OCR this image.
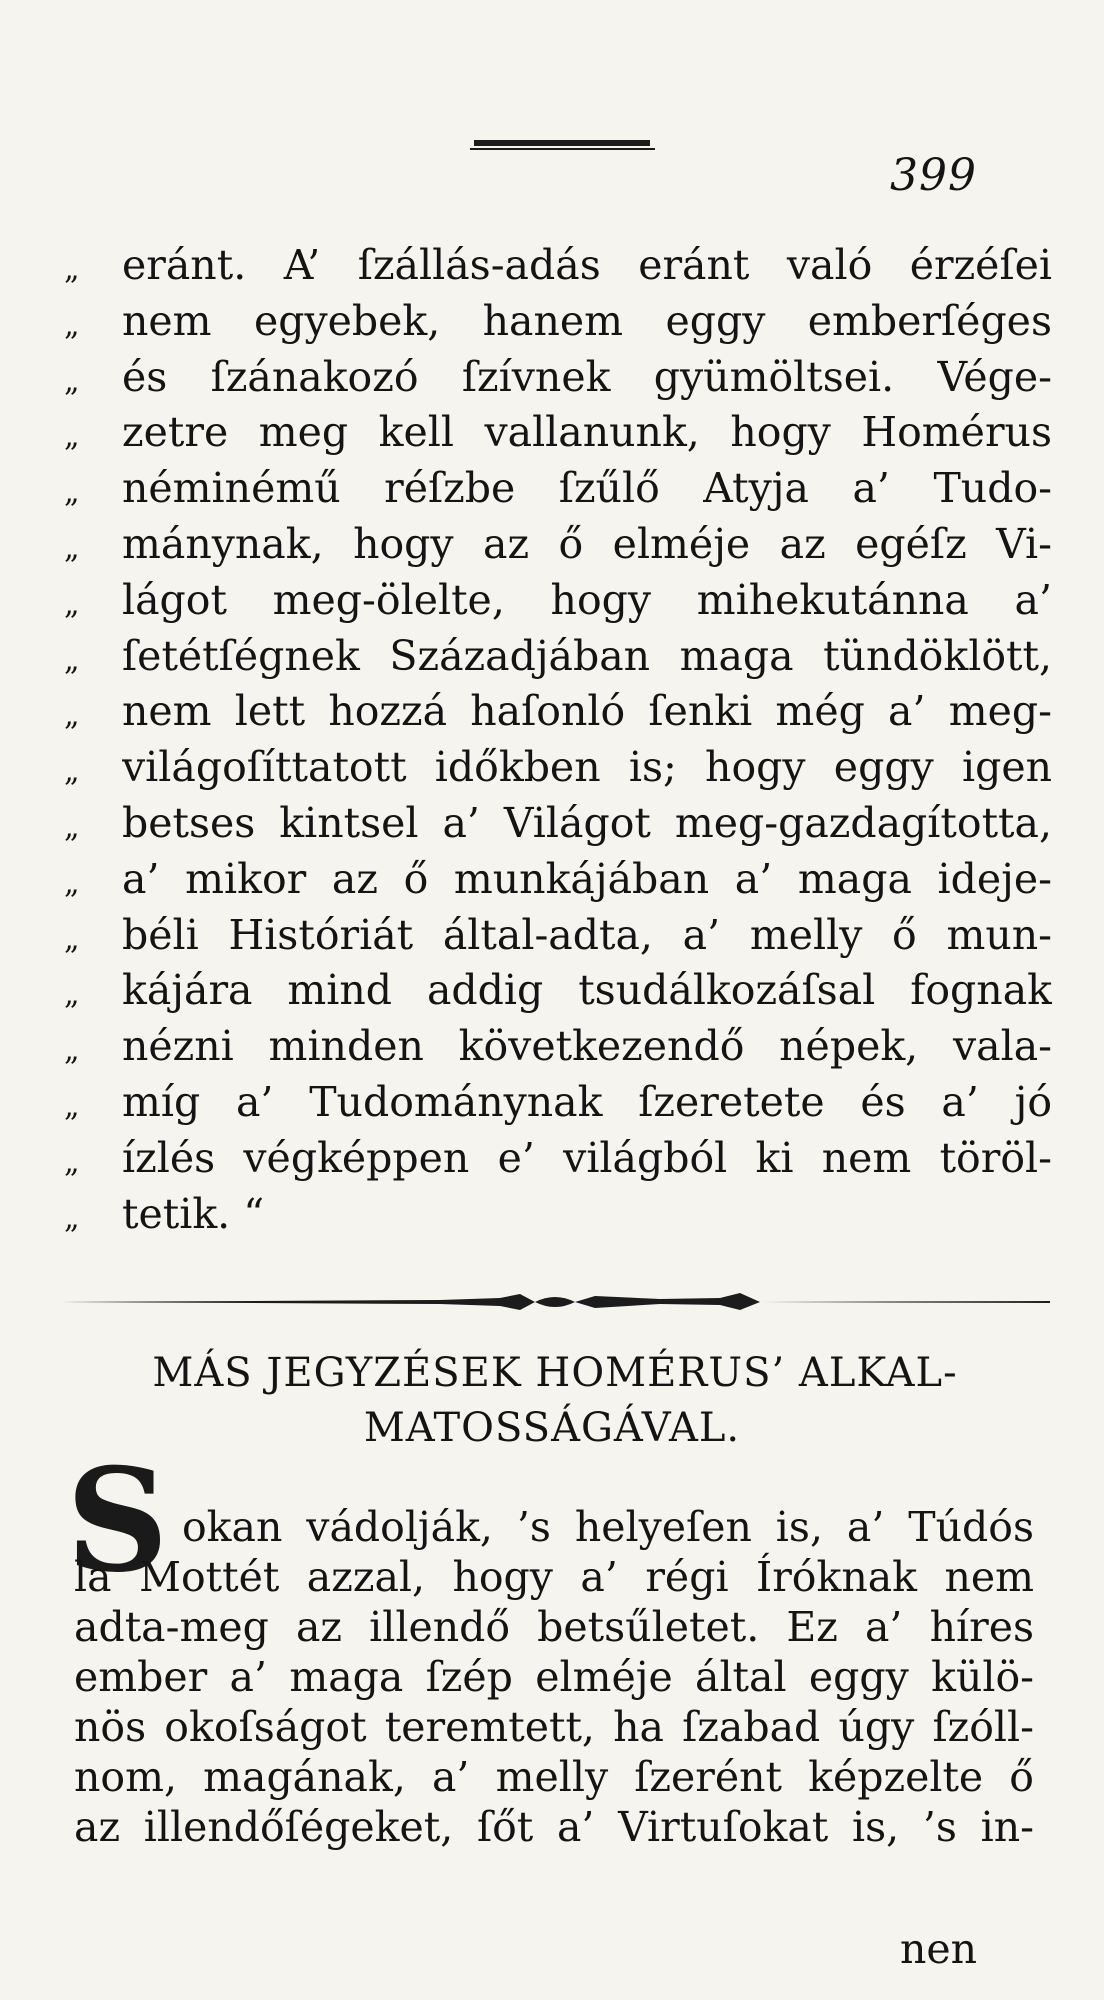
399
„	eránt. A’ ſzállás-adás eránt való érzéſei
„	nem egyebek, hanem eggy emberſéges
„	és ſzánakozó ſzívnek gyümöltsei. Vége-
„	zetre meg kell vallanunk, hogy Homérus
„	néminémű réſzbe ſzűlő Atyja a’ Tudo-
„	mánynak, hogy az ő elméje az egéſz Vi-
„	lágot meg-ölelte, hogy mihekutánna a’
„	ſetétſégnek Századjában maga tündöklött,
„	nem lett hozzá haſonló ſenki még a’ meg-
„	világoſíttatott időkben is; hogy eggy igen
„	betses kintsel a’ Világot meg-gazdagította,
„	a’ mikor az ő munkájában a’ maga ideje-
„	béli Históriát által-adta, a’ melly ő mun-
„	kájára mind addig tsudálkozáſsal fognak
„	nézni minden következendő népek, vala-
„	míg a’ Tudománynak ſzeretete és a’ jó
„	ízlés végképpen e’ világból ki nem töröl-
„	tetik. “
MÁS JEGYZÉSEK HOMÉRUS’ ALKAL-
MATOSSÁGÁVAL.
S okan vádolják, ’s helyeſen is, a’ Túdós
la Mottét azzal, hogy a’ régi Íróknak nem
adta-meg az illendő betsűletet. Ez a’ híres
ember a’ maga ſzép elméje által eggy külö-
nös okoſságot teremtett, ha ſzabad úgy ſzóll-
nom, magának, a’ melly ſzerént képzelte ő
az illendőſégeket, ſőt a’ Virtuſokat is, ’s in-
nen
